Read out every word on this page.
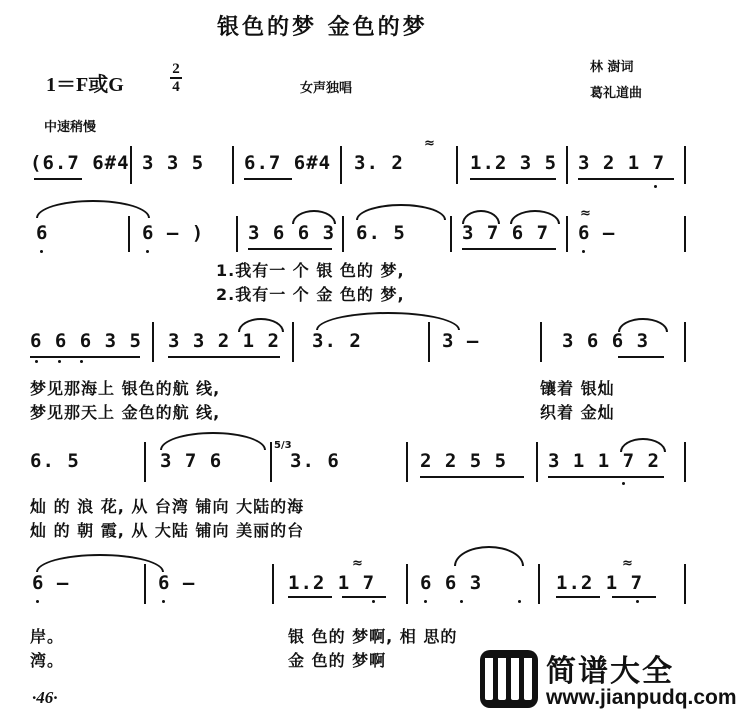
银色的梦 金色的梦
林 澍词
葛礼道曲
1＝F或G
2
4	女声独唱
中速稍慢
(6.7 6#4 3 3 5 6.7 6#4 3. 2
≈
1.2 3 5 3 2 1 7
6	6 – ) 3 6 6 3 6. 5	3 7 6 7
≈
6 –
1.我有一 个 银 色的 梦,
2.我有一 个 金 色的 梦,
6 6 6 3 5 3 3 2 1 2 3. 2	3 –	3 6 6 3
梦见那海上 银色的航 线,
梦见那天上 金色的航 线,
镶着 银灿
织着 金灿
6. 5	3 7 6
5/3
3. 6	2 2 5 5 3 1 1 7 2
灿 的 浪 花, 从 台湾 铺向 大陆的海
灿 的 朝 霞, 从 大陆 铺向 美丽的台
6 –	6 –	1.2 1 7
≈
6 6 3
≈
1.2 1 7
岸。
湾。
银 色的 梦啊, 相 思的
金 色的 梦啊
·46·
简谱大全
www.jianpudq.com
